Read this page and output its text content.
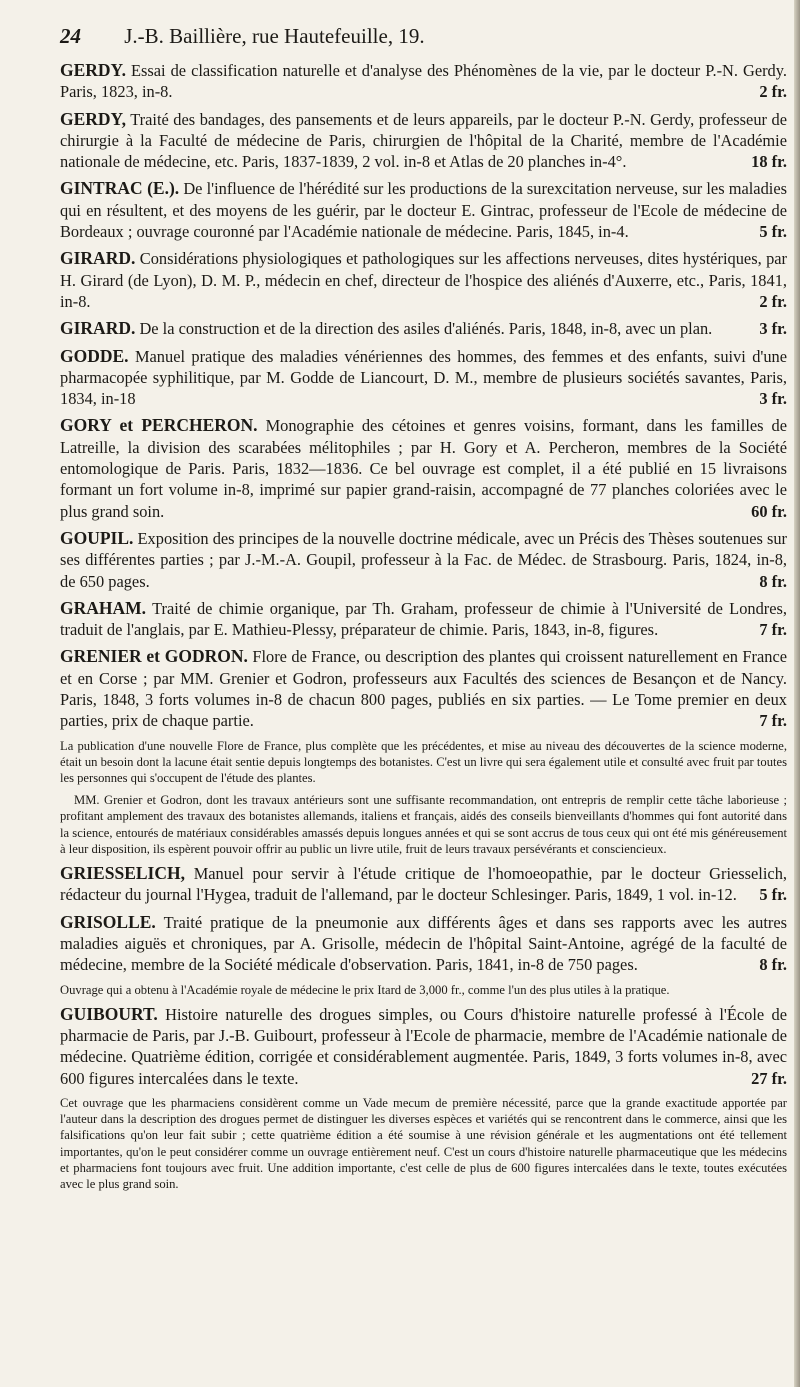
24 J.-B. Baillière, rue Hautefeuille, 19.

GERDY. Essai de classification naturelle et d'analyse des Phénomènes de la vie, par le docteur P.-N. Gerdy. Paris, 1823, in-8.	2 fr.

GERDY, Traité des bandages, des pansements et de leurs appareils, par le docteur P.-N. Gerdy, professeur de chirurgie à la Faculté de médecine de Paris, chirurgien de l'hôpital de la Charité, membre de l'Académie nationale de médecine, etc. Paris, 1837-1839, 2 vol. in-8 et Atlas de 20 planches in-4°.	18 fr.

GINTRAC (E.). De l'influence de l'hérédité sur les productions de la surexcitation nerveuse, sur les maladies qui en résultent, et des moyens de les guérir, par le docteur E. Gintrac, professeur de l'Ecole de médecine de Bordeaux ; ouvrage couronné par l'Académie nationale de médecine. Paris, 1845, in-4.	5 fr.

GIRARD. Considérations physiologiques et pathologiques sur les affections nerveuses, dites hystériques, par H. Girard (de Lyon), D. M. P., médecin en chef, directeur de l'hospice des aliénés d'Auxerre, etc., Paris, 1841, in-8.	2 fr.

GIRARD. De la construction et de la direction des asiles d'aliénés. Paris, 1848, in-8, avec un plan.	3 fr.

GODDE. Manuel pratique des maladies vénériennes des hommes, des femmes et des enfants, suivi d'une pharmacopée syphilitique, par M. Godde de Liancourt, D. M., membre de plusieurs sociétés savantes, Paris, 1834, in-18	3 fr.

GORY et PERCHERON. Monographie des cétoines et genres voisins, formant, dans les familles de Latreille, la division des scarabées mélitophiles ; par H. Gory et A. Percheron, membres de la Société entomologique de Paris. Paris, 1832—1836. Ce bel ouvrage est complet, il a été publié en 15 livraisons formant un fort volume in-8, imprimé sur papier grand-raisin, accompagné de 77 planches coloriées avec le plus grand soin.	60 fr.

GOUPIL. Exposition des principes de la nouvelle doctrine médicale, avec un Précis des Thèses soutenues sur ses différentes parties ; par J.-M.-A. Goupil, professeur à la Fac. de Médec. de Strasbourg. Paris, 1824, in-8, de 650 pages.	8 fr.

GRAHAM. Traité de chimie organique, par Th. Graham, professeur de chimie à l'Université de Londres, traduit de l'anglais, par E. Mathieu-Plessy, préparateur de chimie. Paris, 1843, in-8, figures.	7 fr.

GRENIER et GODRON. Flore de France, ou description des plantes qui croissent naturellement en France et en Corse ; par MM. Grenier et Godron, professeurs aux Facultés des sciences de Besançon et de Nancy. Paris, 1848, 3 forts volumes in-8 de chacun 800 pages, publiés en six parties. — Le Tome premier en deux parties, prix de chaque partie.	7 fr.

La publication d'une nouvelle Flore de France, plus complète que les précédentes, et mise au niveau des découvertes de la science moderne, était un besoin dont la lacune était sentie depuis longtemps des botanistes. C'est un livre qui sera également utile et consulté avec fruit par toutes les personnes qui s'occupent de l'étude des plantes.

MM. Grenier et Godron, dont les travaux antérieurs sont une suffisante recommandation, ont entrepris de remplir cette tâche laborieuse ; profitant amplement des travaux des botanistes allemands, italiens et français, aidés des conseils bienveillants d'hommes qui font autorité dans la science, entourés de matériaux considérables amassés depuis longues années et qui se sont accrus de tous ceux qui ont été mis généreusement à leur disposition, ils espèrent pouvoir offrir au public un livre utile, fruit de leurs travaux persévérants et consciencieux.

GRIESSELICH, Manuel pour servir à l'étude critique de l'homoeopathie, par le docteur Griesselich, rédacteur du journal l'Hygea, traduit de l'allemand, par le docteur Schlesinger. Paris, 1849, 1 vol. in-12. 5 fr.

GRISOLLE. Traité pratique de la pneumonie aux différents âges et dans ses rapports avec les autres maladies aiguës et chroniques, par A. Grisolle, médecin de l'hôpital Saint-Antoine, agrégé de la faculté de médecine, membre de la Société médicale d'observation. Paris, 1841, in-8 de 750 pages.	8 fr.

Ouvrage qui a obtenu à l'Académie royale de médecine le prix Itard de 3,000 fr., comme l'un des plus utiles à la pratique.

GUIBOURT. Histoire naturelle des drogues simples, ou Cours d'histoire naturelle professé à l'École de pharmacie de Paris, par J.-B. Guibourt, professeur à l'Ecole de pharmacie, membre de l'Académie nationale de médecine. Quatrième édition, corrigée et considérablement augmentée. Paris, 1849, 3 forts volumes in-8, avec 600 figures intercalées dans le texte.	27 fr.

Cet ouvrage que les pharmaciens considèrent comme un Vade mecum de première nécessité, parce que la grande exactitude apportée par l'auteur dans la description des drogues permet de distinguer les diverses espèces et variétés qui se rencontrent dans le commerce, ainsi que les falsifications qu'on leur fait subir ; cette quatrième édition a été soumise à une révision générale et les augmentations ont été tellement importantes, qu'on le peut considérer comme un ouvrage entièrement neuf. C'est un cours d'histoire naturelle pharmaceutique que les médecins et pharmaciens font toujours avec fruit. Une addition importante, c'est celle de plus de 600 figures intercalées dans le texte, toutes exécutées avec le plus grand soin.
